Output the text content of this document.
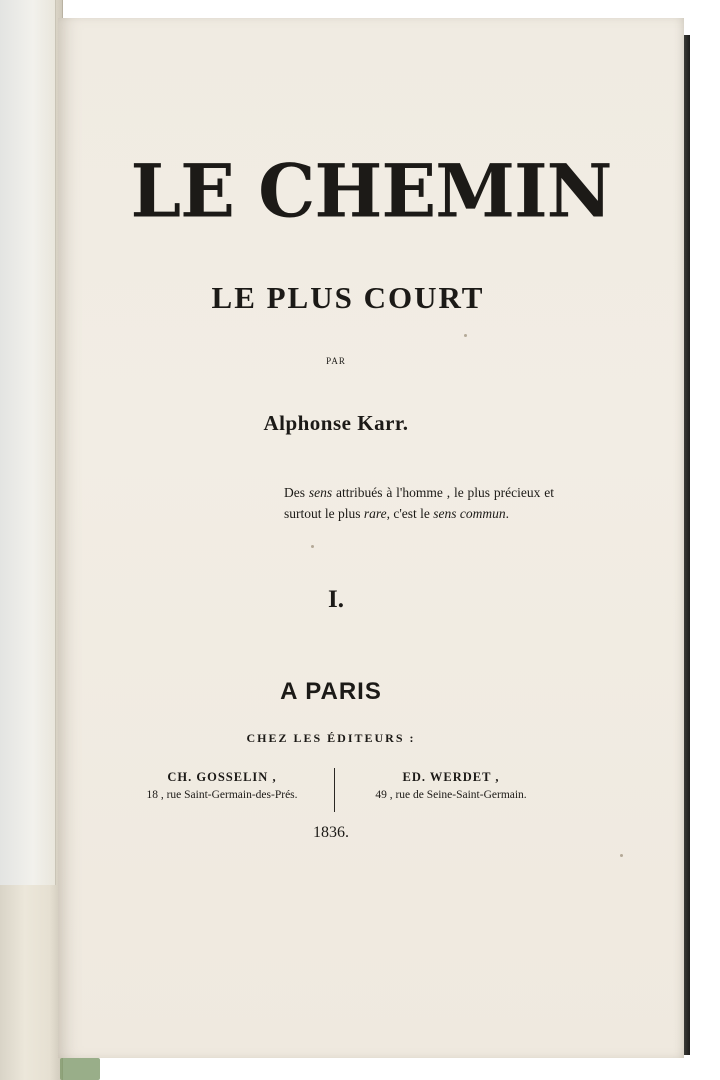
LE CHEMIN
LE PLUS COURT
PAR
Alphonse Karr.
Des sens attribués à l'homme , le plus précieux et surtout le plus rare, c'est le sens commun.
I.
A PARIS
CHEZ LES ÉDITEURS :
CH. GOSSELIN ,
18 , rue Saint-Germain-des-Prés.
ED. WERDET ,
49 , rue de Seine-Saint-Germain.
1836.
